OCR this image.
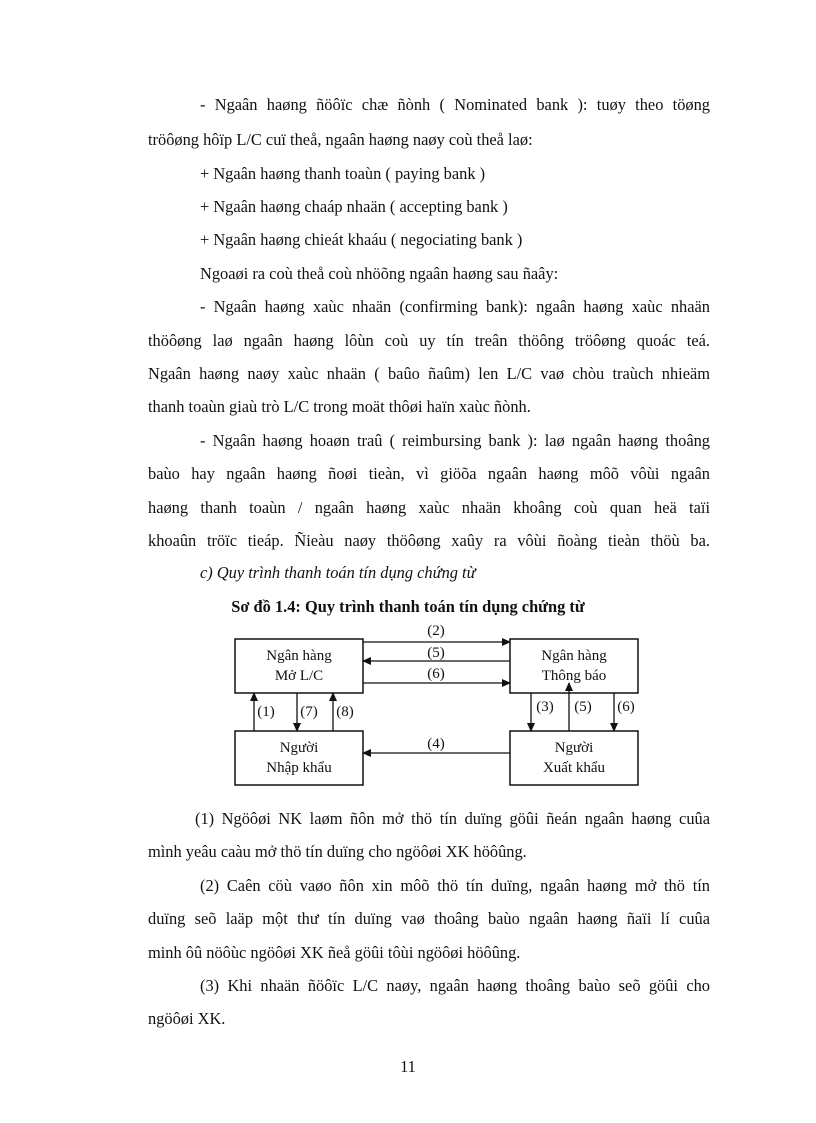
- Ngaân haøng ñöôïc chæ ñònh ( Nominated bank ): tuøy theo töøng

tröôøng hôïp L/C cuï theå, ngaân haøng naøy coù theå laø:

+ Ngaân haøng thanh toaùn ( paying bank )

+ Ngaân haøng chaáp nhaän ( accepting bank )

+ Ngaân haøng chieát khaáu ( negociating bank )

Ngoaøi ra coù theå coù nhöõng ngaân haøng sau ñaây:

- Ngaân haøng xaùc nhaän (confirming bank): ngaân haøng xaùc nhaän

thöôøng laø ngaân haøng lôùn coù uy tín treân thöông tröôøng quoác teá.

Ngaân haøng naøy xaùc nhaän ( baûo ñaûm) len L/C vaø chòu traùch nhieäm

thanh toaùn giaù trò L/C trong moät thôøi haïn xaùc ñònh.

- Ngaân haøng hoaøn traû ( reimbursing bank ): laø ngaân haøng thoâng

baùo hay ngaân haøng ñoøi tieàn, vì giöõa ngaân haøng môõ vôùi ngaân

haøng thanh toaùn / ngaân haøng xaùc nhaän khoâng coù quan heä taïi

khoaûn tröïc tieáp. Ñieàu naøy thöôøng xaûy ra vôùi ñoàng tieàn thöù ba.

c) Quy trình thanh toán tín dụng chứng từ

Sơ đồ 1.4: Quy trình thanh toán tín dụng chứng từ

Ngân hàng
Mở L/C
Ngân hàng
Thông báo
Người
Nhập khẩu
Người
Xuất khẩu
(2)
(5)
(6)
(4)
(1) (7) (8)	(3) (5) (6)

(1) Ngöôøi NK laøm ñôn mở thö tín duïng göûi ñeán ngaân haøng cuûa

mình yeâu caàu mở thö tín duïng cho ngöôøi XK höôûng.

(2) Caên cöù vaøo ñôn xin môõ thö tín duïng, ngaân haøng mở thö tín

duïng seõ laäp một thư tín duïng vaø thoâng baùo ngaân haøng ñaïi lí cuûa

minh ôû nöôùc ngöôøi XK ñeå göûi tôùi ngöôøi höôûng.

(3) Khi nhaän ñöôïc L/C naøy, ngaân haøng thoâng baùo seõ göûi cho

ngöôøi XK.

11
